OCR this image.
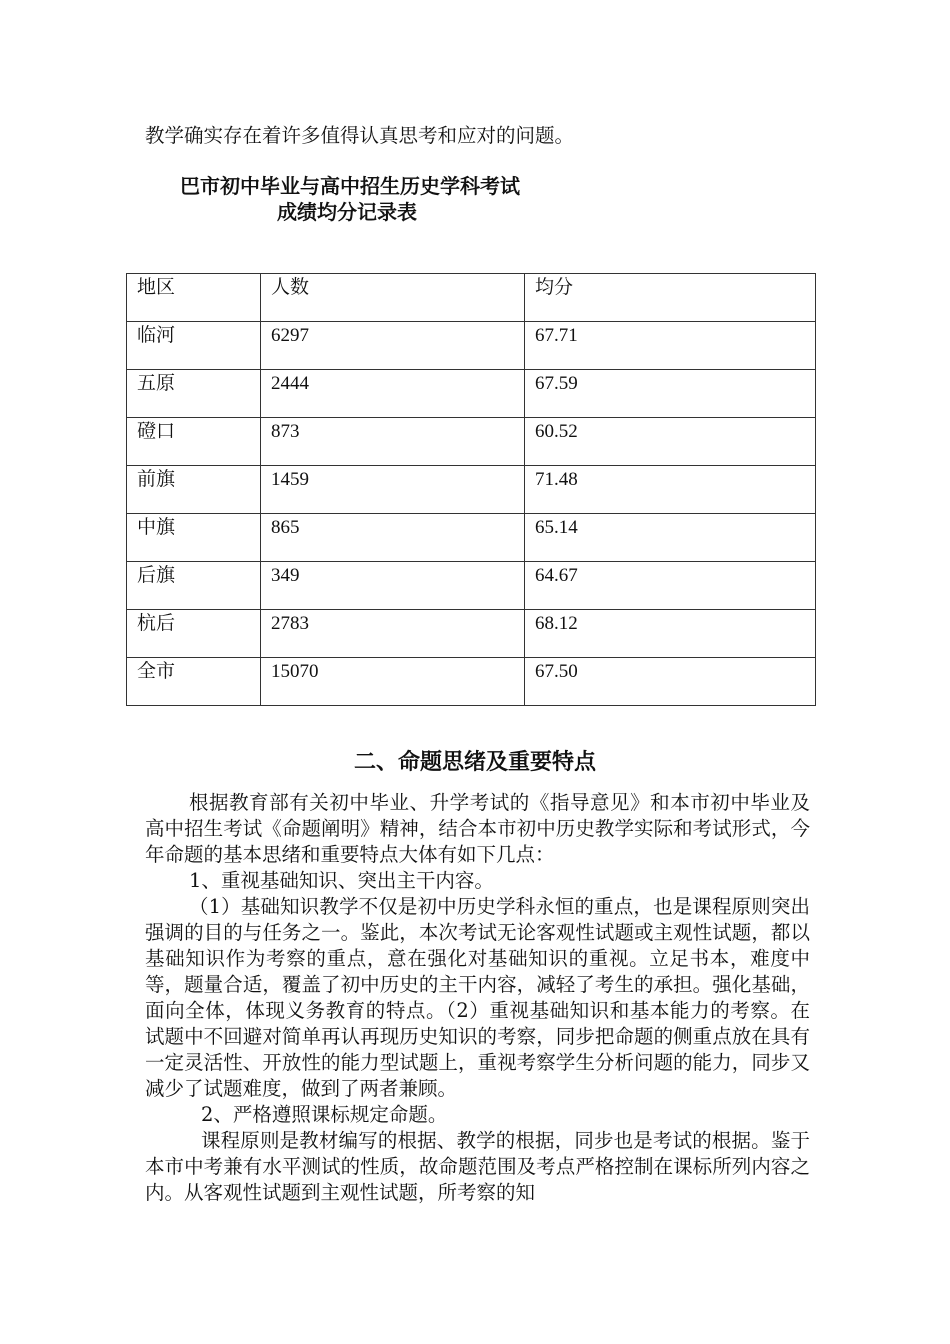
教学确实存在着许多值得认真思考和应对的问题。
巴市初中毕业与高中招生历史学科考试
成绩均分记录表
地区	人数	均分
临河	6297	67.71
五原	2444	67.59
磴口	873	60.52
前旗	1459	71.48
中旗	865	65.14
后旗	349	64.67
杭后	2783	68.12
全市	15070	67.50
二、命题思绪及重要特点

根据教育部有关初中毕业、升学考试的《指导意见》和本市初中毕业及高中招生考试《命题阐明》精神，结合本市初中历史教学实际和考试形式，今年命题的基本思绪和重要特点大体有如下几点：

1、重视基础知识、突出主干内容。

（1）基础知识教学不仅是初中历史学科永恒的重点，也是课程原则突出强调的目的与任务之一。鉴此，本次考试无论客观性试题或主观性试题，都以基础知识作为考察的重点，意在强化对基础知识的重视。立足书本，难度中等，题量合适，覆盖了初中历史的主干内容，减轻了考生的承担。强化基础，面向全体，体现义务教育的特点。（2）重视基础知识和基本能力的考察。在试题中不回避对简单再认再现历史知识的考察，同步把命题的侧重点放在具有一定灵活性、开放性的能力型试题上，重视考察学生分析问题的能力，同步又减少了试题难度，做到了两者兼顾。

2、严格遵照课标规定命题。

课程原则是教材编写的根据、教学的根据，同步也是考试的根据。鉴于本市中考兼有水平测试的性质，故命题范围及考点严格控制在课标所列内容之内。从客观性试题到主观性试题，所考察的知
